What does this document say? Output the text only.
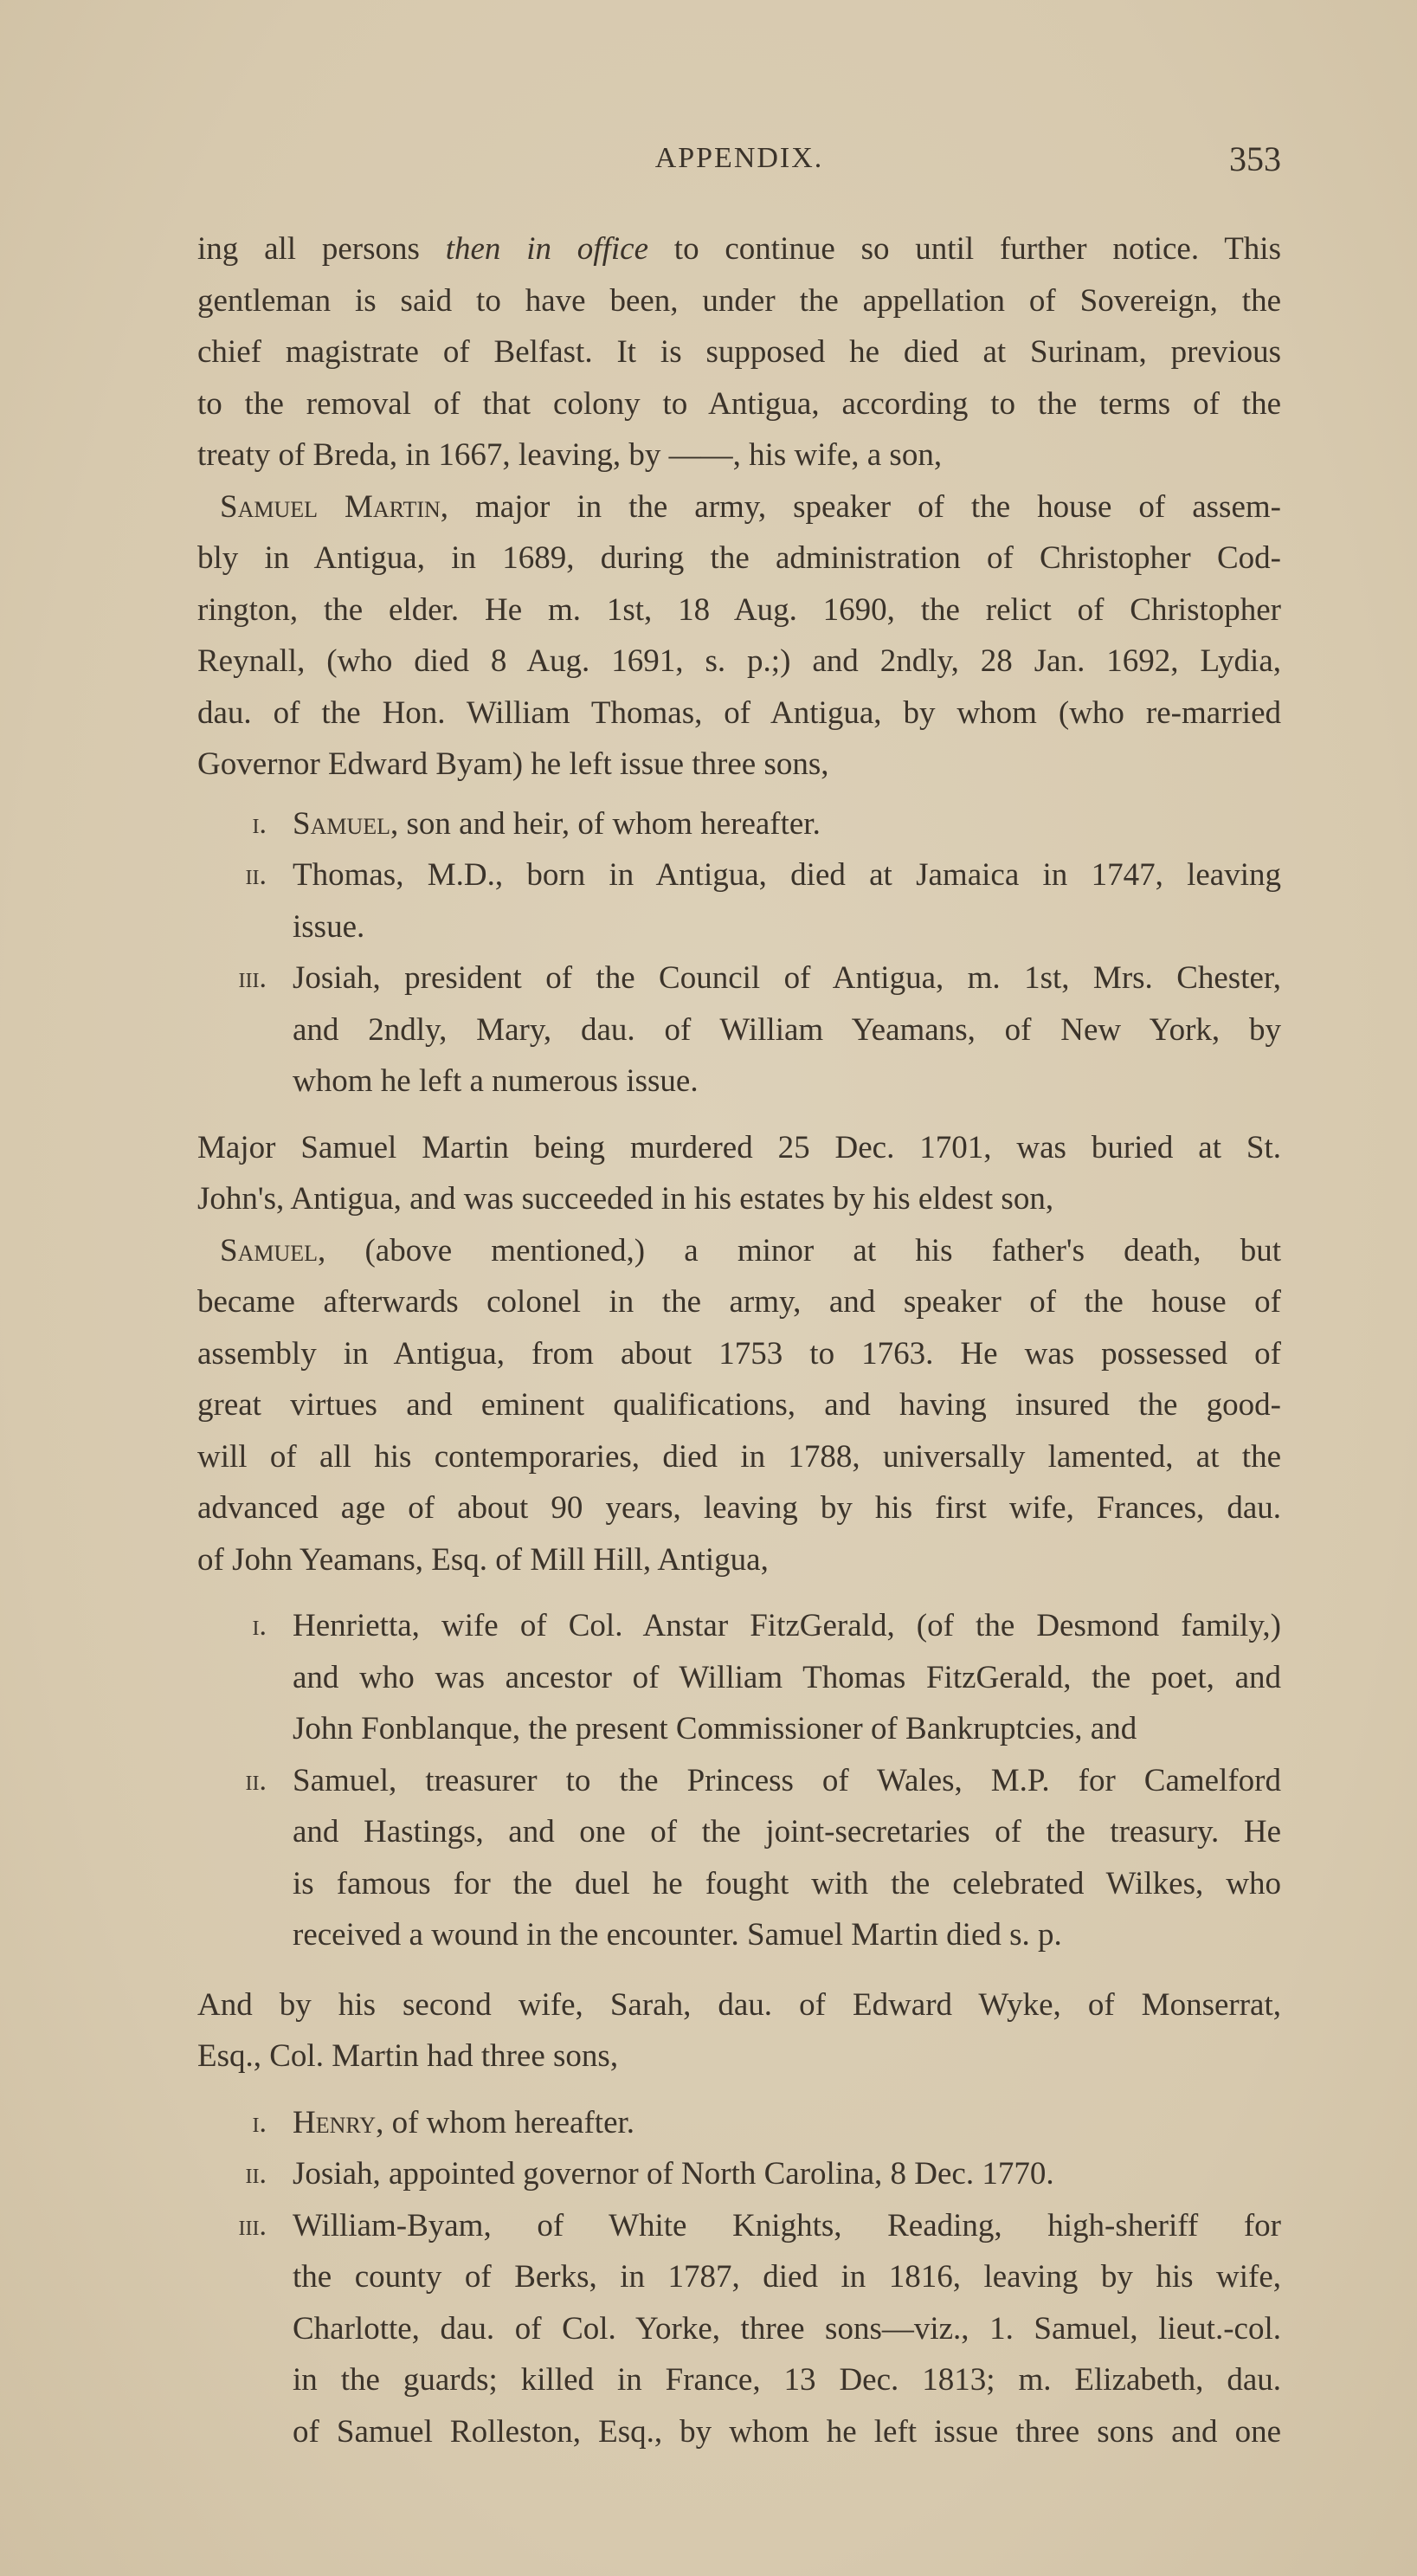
APPENDIX.	353
ing all persons then in office to continue so until further notice. This
gentleman is said to have been, under the appellation of Sovereign, the
chief magistrate of Belfast. It is supposed he died at Surinam, previous
to the removal of that colony to Antigua, according to the terms of the
treaty of Breda, in 1667, leaving, by ——, his wife, a son,
Samuel Martin, major in the army, speaker of the house of assem-
bly in Antigua, in 1689, during the administration of Christopher Cod-
rington, the elder. He m. 1st, 18 Aug. 1690, the relict of Christopher
Reynall, (who died 8 Aug. 1691, s. p.;) and 2ndly, 28 Jan. 1692, Lydia,
dau. of the Hon. William Thomas, of Antigua, by whom (who re-married
Governor Edward Byam) he left issue three sons,
i. Samuel, son and heir, of whom hereafter.
ii. Thomas, M.D., born in Antigua, died at Jamaica in 1747, leaving
issue.
iii. Josiah, president of the Council of Antigua, m. 1st, Mrs. Chester,
and 2ndly, Mary, dau. of William Yeamans, of New York, by
whom he left a numerous issue.
Major Samuel Martin being murdered 25 Dec. 1701, was buried at St.
John's, Antigua, and was succeeded in his estates by his eldest son,
Samuel, (above mentioned,) a minor at his father's death, but
became afterwards colonel in the army, and speaker of the house of
assembly in Antigua, from about 1753 to 1763. He was possessed of
great virtues and eminent qualifications, and having insured the good-
will of all his contemporaries, died in 1788, universally lamented, at the
advanced age of about 90 years, leaving by his first wife, Frances, dau.
of John Yeamans, Esq. of Mill Hill, Antigua,
i. Henrietta, wife of Col. Anstar FitzGerald, (of the Desmond family,)
and who was ancestor of William Thomas FitzGerald, the poet, and
John Fonblanque, the present Commissioner of Bankruptcies, and
ii. Samuel, treasurer to the Princess of Wales, M.P. for Camelford
and Hastings, and one of the joint-secretaries of the treasury. He
is famous for the duel he fought with the celebrated Wilkes, who
received a wound in the encounter. Samuel Martin died s. p.
And by his second wife, Sarah, dau. of Edward Wyke, of Monserrat,
Esq., Col. Martin had three sons,
i. Henry, of whom hereafter.
ii. Josiah, appointed governor of North Carolina, 8 Dec. 1770.
iii. William-Byam, of White Knights, Reading, high-sheriff for
the county of Berks, in 1787, died in 1816, leaving by his wife,
Charlotte, dau. of Col. Yorke, three sons—viz., 1. Samuel, lieut.-col.
in the guards; killed in France, 13 Dec. 1813; m. Elizabeth, dau.
of Samuel Rolleston, Esq., by whom he left issue three sons and one
